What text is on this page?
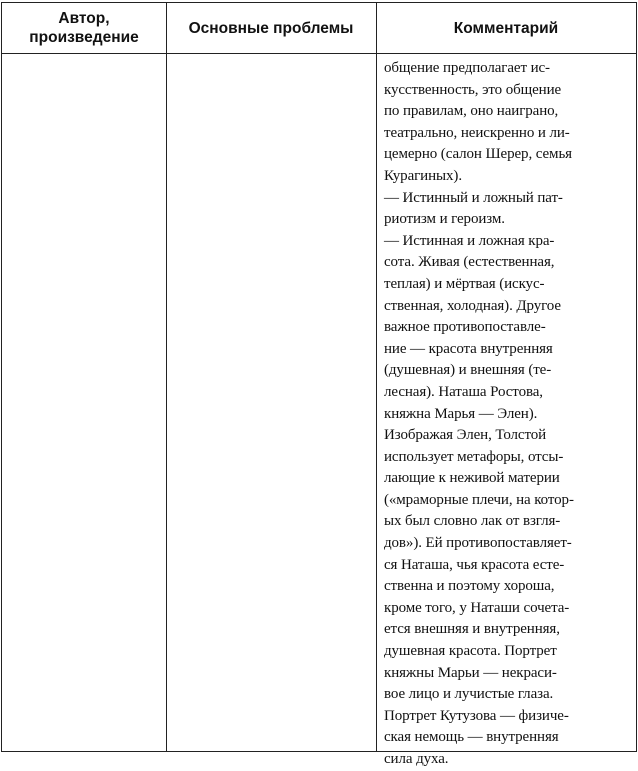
Автор,
произведение
Основные проблемы	Комментарий
общение предполагает ис-
кусственность, это общение
по правилам, оно наиграно,
театрально, неискренно и ли-
цемерно (салон Шерер, семья
Курагиных).
— Истинный и ложный пат-
риотизм и героизм.
— Истинная и ложная кра-
сота. Живая (естественная,
теплая) и мёртвая (искус-
ственная, холодная). Другое
важное противопоставле-
ние — красота внутренняя
(душевная) и внешняя (те-
лесная). Наташа Ростова,
княжна Марья — Элен).
Изображая Элен, Толстой
использует метафоры, отсы-
лающие к неживой материи
(«мраморные плечи, на котор-
ых был словно лак от взгля-
дов»). Ей противопоставляет-
ся Наташа, чья красота есте-
ственна и поэтому хороша,
кроме того, у Наташи сочета-
ется внешняя и внутренняя,
душевная красота. Портрет
княжны Марьи — некраси-
вое лицо и лучистые глаза.
Портрет Кутузова — физиче-
ская немощь — внутренняя
сила духа.
